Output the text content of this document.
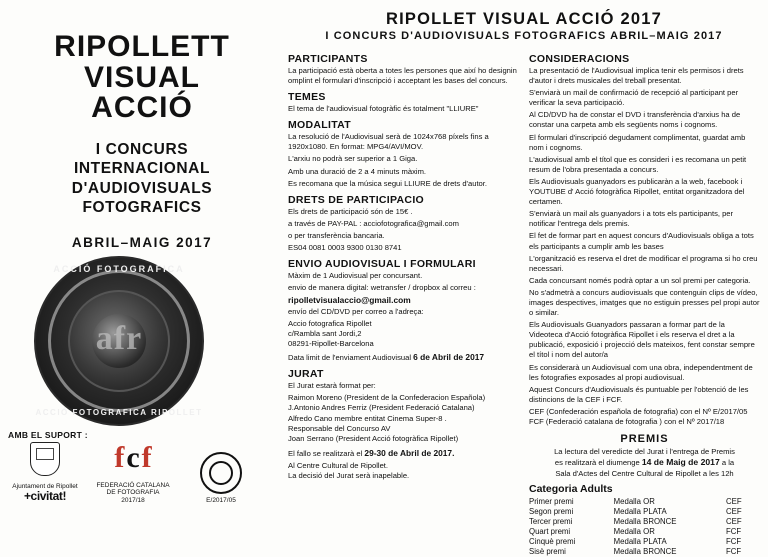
RIPOLLETT
VISUAL
ACCIÓ
I CONCURS
INTERNACIONAL
D'AUDIOVISUALS
FOTOGRAFICS
ABRIL–MAIG 2017
afr
ACCIÓ FOTOGRAFICA
ACCIÓ FOTOGRAFICA RIPOLLET
AMB EL SUPORT :
Ajuntament de Ripollet
+civitat!
f c f
FEDERACIÓ CATALANA
DE FOTOGRAFIA
2017/18	E/2017/05
RIPOLLET VISUAL ACCIÓ 2017
I CONCURS D'AUDIOVISUALS FOTOGRAFICS ABRIL–MAIG 2017
PARTICIPANTS

La participació està oberta a totes les persones que així ho designin omplint el formulari d'inscripció i acceptant les bases del concurs.

TEMES

El tema de l'audiovisual fotogràfic és totalment "LLIURE"

MODALITAT

La resolució de l'Audiovisual serà de 1024x768 píxels fins a 1920x1080. En format: MPG4/AVI/MOV.

L'arxiu no podrà ser superior a 1 Giga.

Amb una duració de 2 a 4 minuts màxim.

Es recomana que la música segui LLIURE de drets d'autor.

DRETS DE PARTICIPACIO

Els drets de participació són de 15€ .

a través de PAY-PAL : acciofotografica@gmail.com

o per transferència bancaria.

ES04 0081 0003 9300 0130 8741

ENVIO AUDIOVISUAL I FORMULARI

Màxim de 1 Audiovisual per concursant.

envio de manera digital: wetransfer / dropbox al correu :

ripolletvisualaccio@gmail.com

envío del CD/DVD per correo a l'adreça:

Accio fotografica Ripollet

c/Rambla sant Jordi,2

08291-Ripollet-Barcelona

Data limit de l'enviament Audiovisual 6 de Abril de 2017

JURAT

El Jurat estarà format per:

Raimon Moreno (President de la Confederacion Española)

J.Antonio Andres Ferriz (President Federació Catalana)

Alfredo Cano membre entitat Cinema Super-8 .

Responsable del Concurso AV

Joan Serrano (President Acció fotogràfica Ripollet)

El fallo se realitzarà el 29-30 de Abril de 2017.

Al Centre Cultural de Ripollet.

La decisió del Jurat serà inapelable.

CONSIDERACIONS

La presentació de l'Audiovisual implica tenir els permisos i drets d'autor i drets musicales del treball presentat.

S'enviarà un mail de confirmació de recepció al participant per verificar la seva participació.

Al CD/DVD ha de constar el DVD i transferència d'arxius ha de constar una carpeta amb els següents noms i cognoms.

El formulari d'inscripció degudament complimentat, guardat amb nom i cognoms.

L'audiovisual amb el títol que es consideri i es recomana un petit resum de l'obra presentada a concurs.

Els Audiovisuals guanyadors es publicaràn a la web, facebook i YOUTUBE d' Acció fotogràfica Ripollet, entitat organitzadora del certamen.

S'enviarà un mail als guanyadors i a tots els participants, per notificar l'entrega dels premis.

El fet de formar part en aquest concurs d'Audiovisuals obliga a tots els participants a cumplir amb les bases

L'organització es reserva el dret de modificar el programa si ho creu necessari.

Cada concursant només podrà optar a un sol premi per categoria.

No s'admetrà a concurs audiovisuals que contenguin clips de vídeo, images despectives, imatges que no estiguin presses pel propi autor o similar.

Els Audiovisuals Guanyadors passaran a formar part de la Videoteca d'Acció fotogràfica Ripollet i els reserva el dret a la publicació, exposició i projecció dels mateixos, fent constar sempre el títol i nom del autor/a

Es considerarà un Audiovisual com una obra, independentment de les fotografies exposades al propi audiovisual.

Aquest Concurs d'Audiovisuals és puntuable per l'obtenció de les distincions de la CEF i FCF.

CEF (Confederación española de fotografia) con el Nº E/2017/05

FCF (Federació catalana de fotografia ) con el Nº 2017/18

PREMIS

La lectura del veredicte del Jurat i l'entrega de Premis

es realitzarà el diumenge 14 de Maig de 2017 a la

Sala d'Actes del Centre Cultural de Ripollet a les 12h

Categoria Adults
Primer premi	Medalla OR	CEF
Segon premi	Medalla PLATA	CEF
Tercer premi	Medalla BRONCE	CEF
Quart premi	Medalla OR	FCF
Cinquè premi	Medalla PLATA	FCF
Sisè premi	Medalla BRONCE	FCF
